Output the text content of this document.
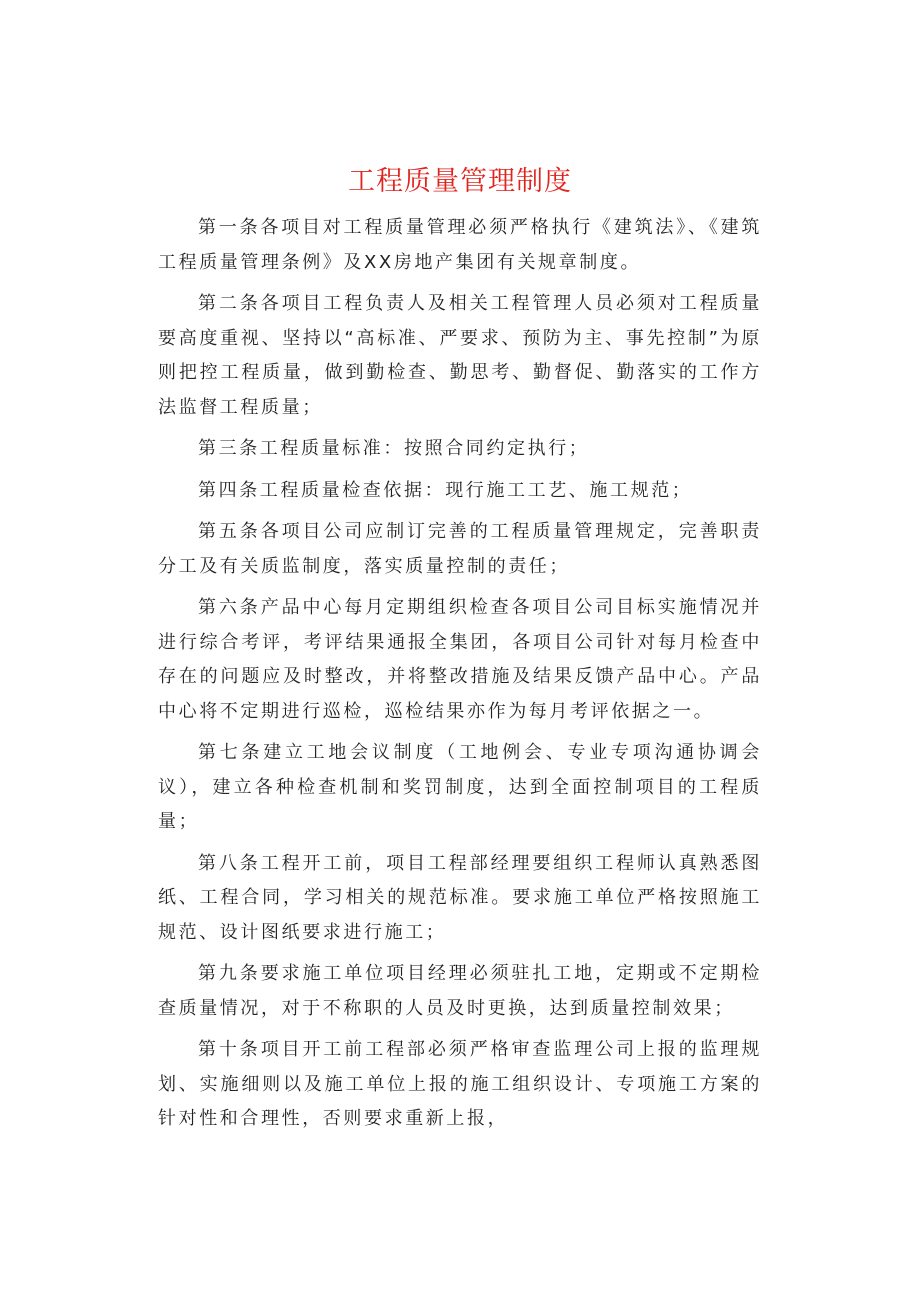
工程质量管理制度

第一条各项目对工程质量管理必须严格执行《建筑法》、《建筑工程质量管理条例》及XX房地产集团有关规章制度。

第二条各项目工程负责人及相关工程管理人员必须对工程质量要高度重视、坚持以“高标准、严要求、预防为主、事先控制”为原则把控工程质量，做到勤检查、勤思考、勤督促、勤落实的工作方法监督工程质量；

第三条工程质量标准：按照合同约定执行；

第四条工程质量检查依据：现行施工工艺、施工规范；

第五条各项目公司应制订完善的工程质量管理规定，完善职责分工及有关质监制度，落实质量控制的责任；

第六条产品中心每月定期组织检查各项目公司目标实施情况并进行综合考评，考评结果通报全集团，各项目公司针对每月检查中存在的问题应及时整改，并将整改措施及结果反馈产品中心。产品中心将不定期进行巡检，巡检结果亦作为每月考评依据之一。

第七条建立工地会议制度（工地例会、专业专项沟通协调会议），建立各种检查机制和奖罚制度，达到全面控制项目的工程质量；

第八条工程开工前，项目工程部经理要组织工程师认真熟悉图纸、工程合同，学习相关的规范标准。要求施工单位严格按照施工规范、设计图纸要求进行施工；

第九条要求施工单位项目经理必须驻扎工地，定期或不定期检查质量情况，对于不称职的人员及时更换，达到质量控制效果；

第十条项目开工前工程部必须严格审查监理公司上报的监理规划、实施细则以及施工单位上报的施工组织设计、专项施工方案的针对性和合理性，否则要求重新上报，
